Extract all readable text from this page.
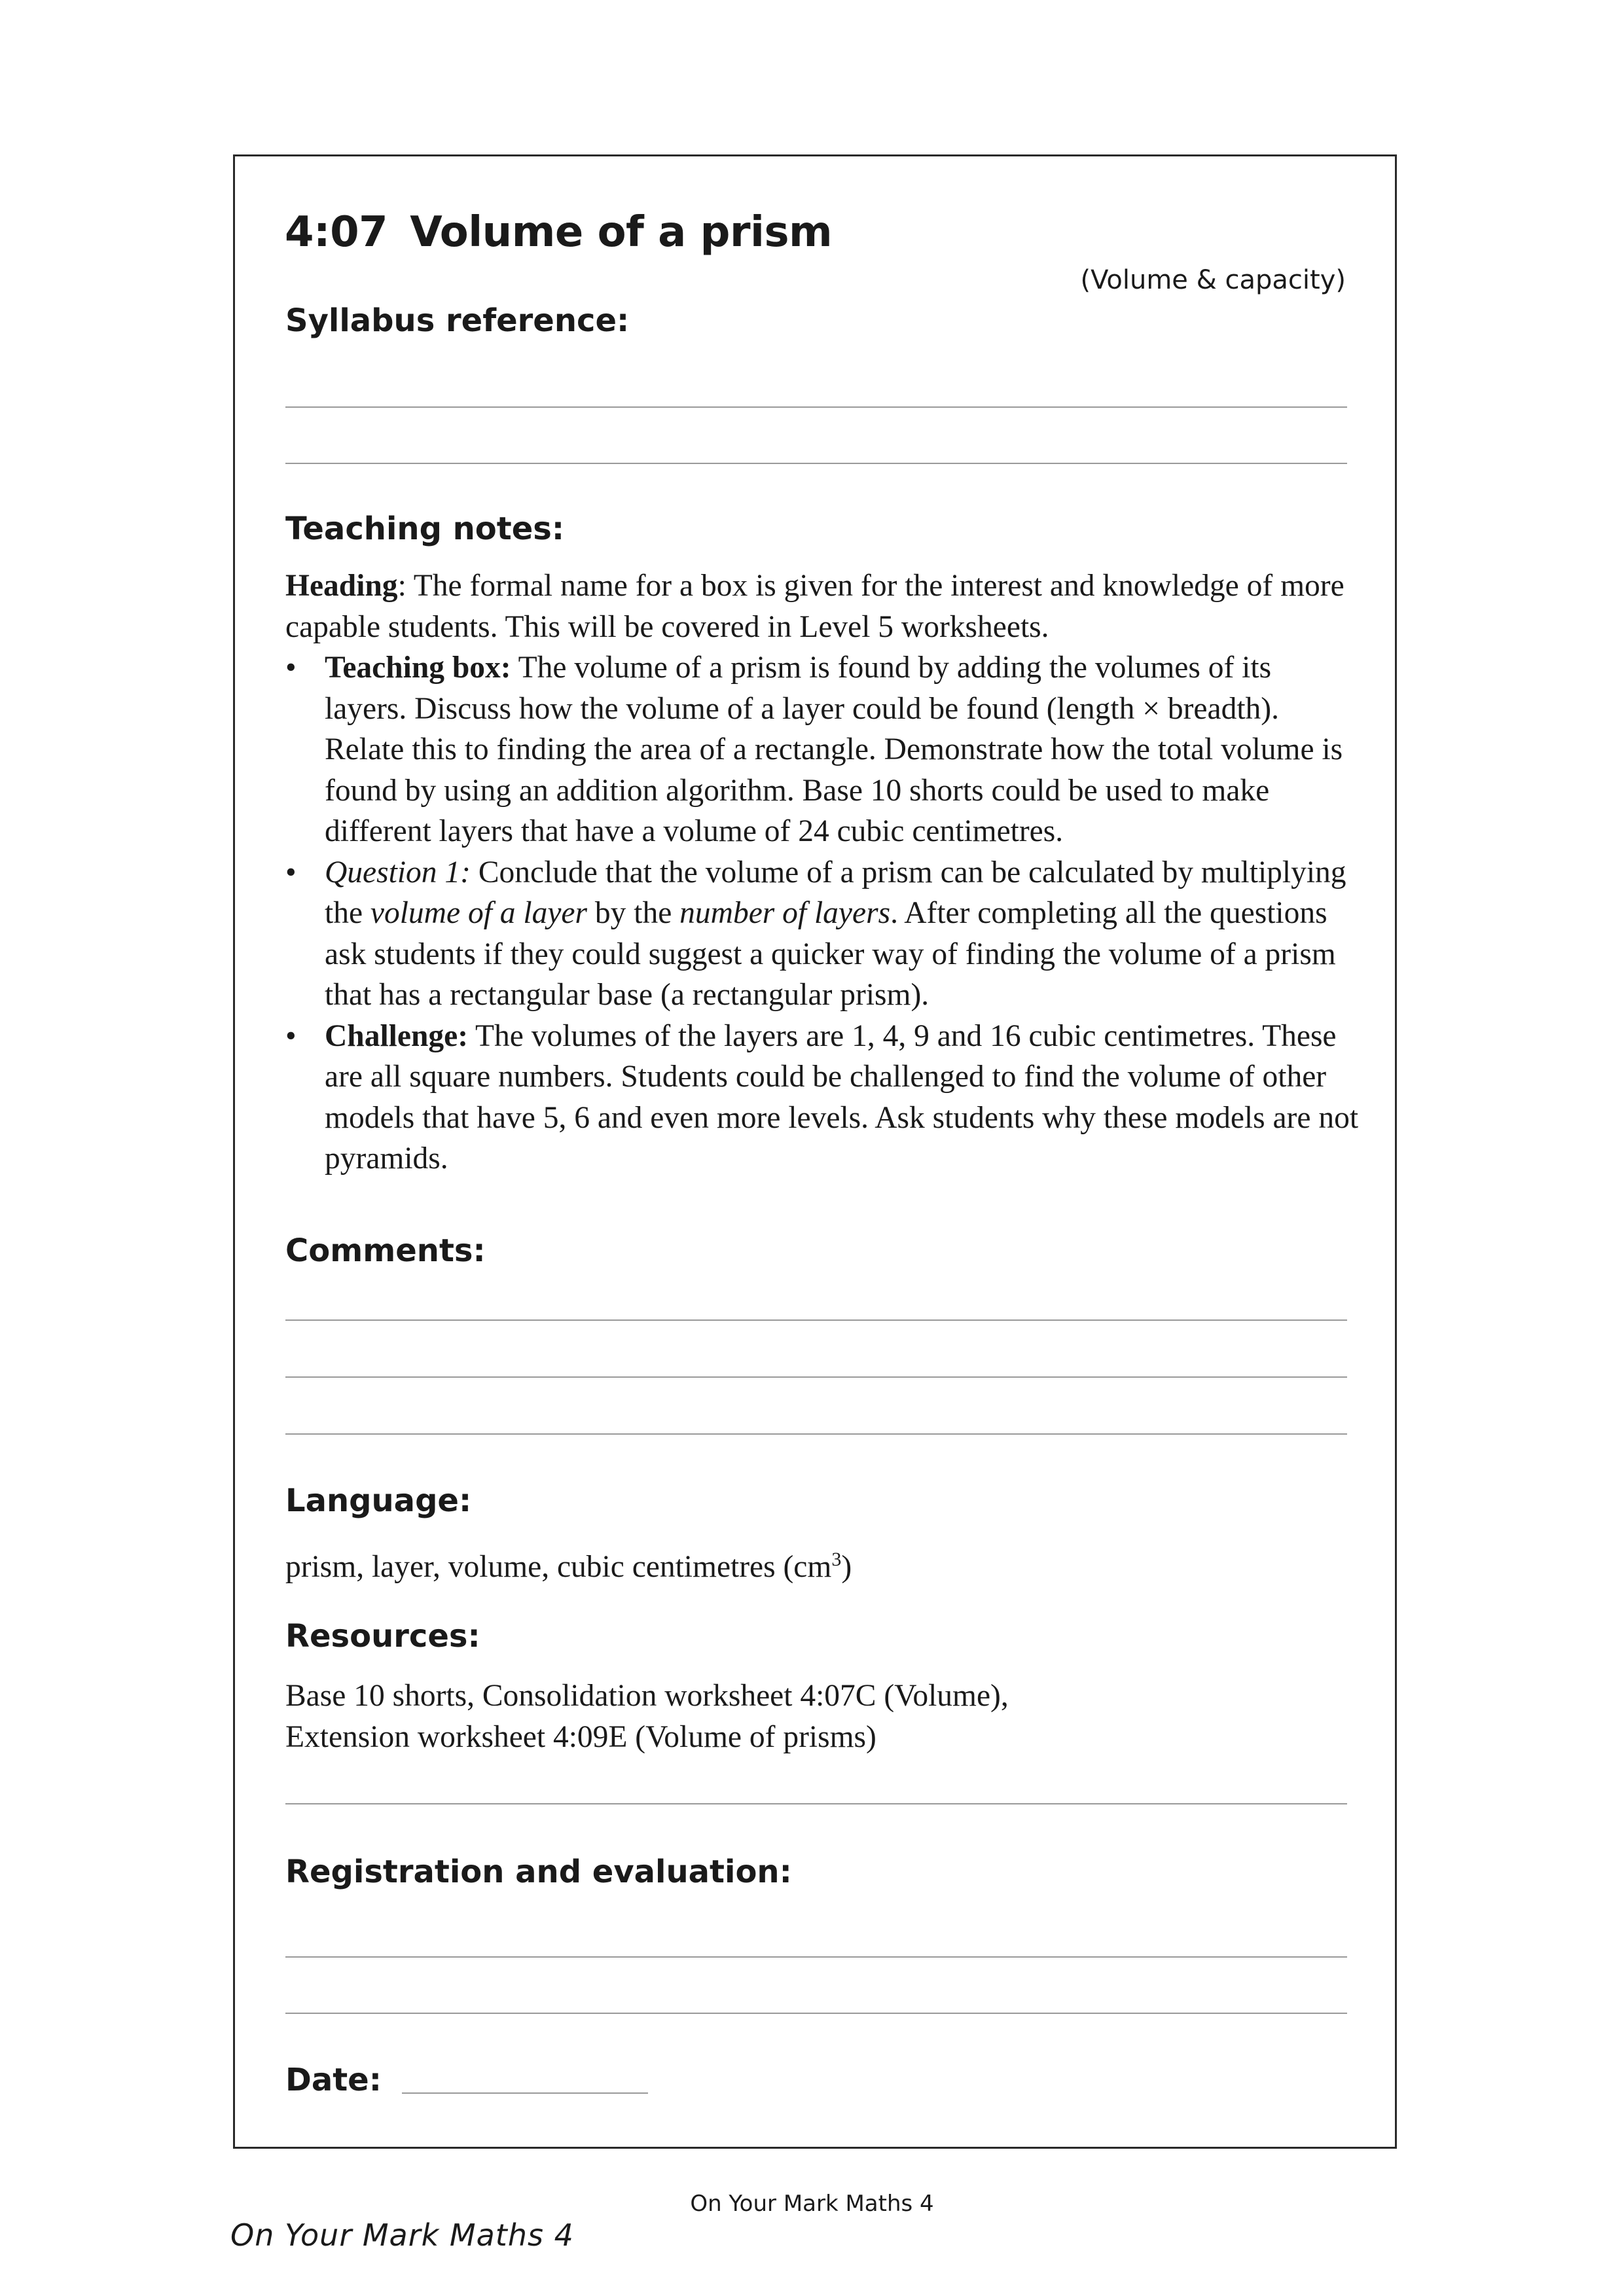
4:07 Volume of a prism
(Volume & capacity)
Syllabus reference:
Teaching notes:

Heading: The formal name for a box is given for the interest and knowledge of more capable students. This will be covered in Level 5 worksheets.

• Teaching box: The volume of a prism is found by adding the volumes of its layers. Discuss how the volume of a layer could be found (length × breadth). Relate this to finding the area of a rectangle. Demonstrate how the total volume is found by using an addition algorithm. Base 10 shorts could be used to make different layers that have a volume of 24 cubic centimetres.
• Question 1: Conclude that the volume of a prism can be calculated by multiplying the volume of a layer by the number of layers. After completing all the questions ask students if they could suggest a quicker way of finding the volume of a prism that has a rectangular base (a rectangular prism).
• Challenge: The volumes of the layers are 1, 4, 9 and 16 cubic centimetres. These are all square numbers. Students could be challenged to find the volume of other models that have 5, 6 and even more levels. Ask students why these models are not pyramids.
Comments:
Language:
prism, layer, volume, cubic centimetres $(cm^3)$
Resources:
Base 10 shorts, Consolidation worksheet 4:07C (Volume),
Extension worksheet 4:09E (Volume of prisms)
Registration and evaluation:
Date:
On Your Mark Maths 4
On Your Mark Maths 4
